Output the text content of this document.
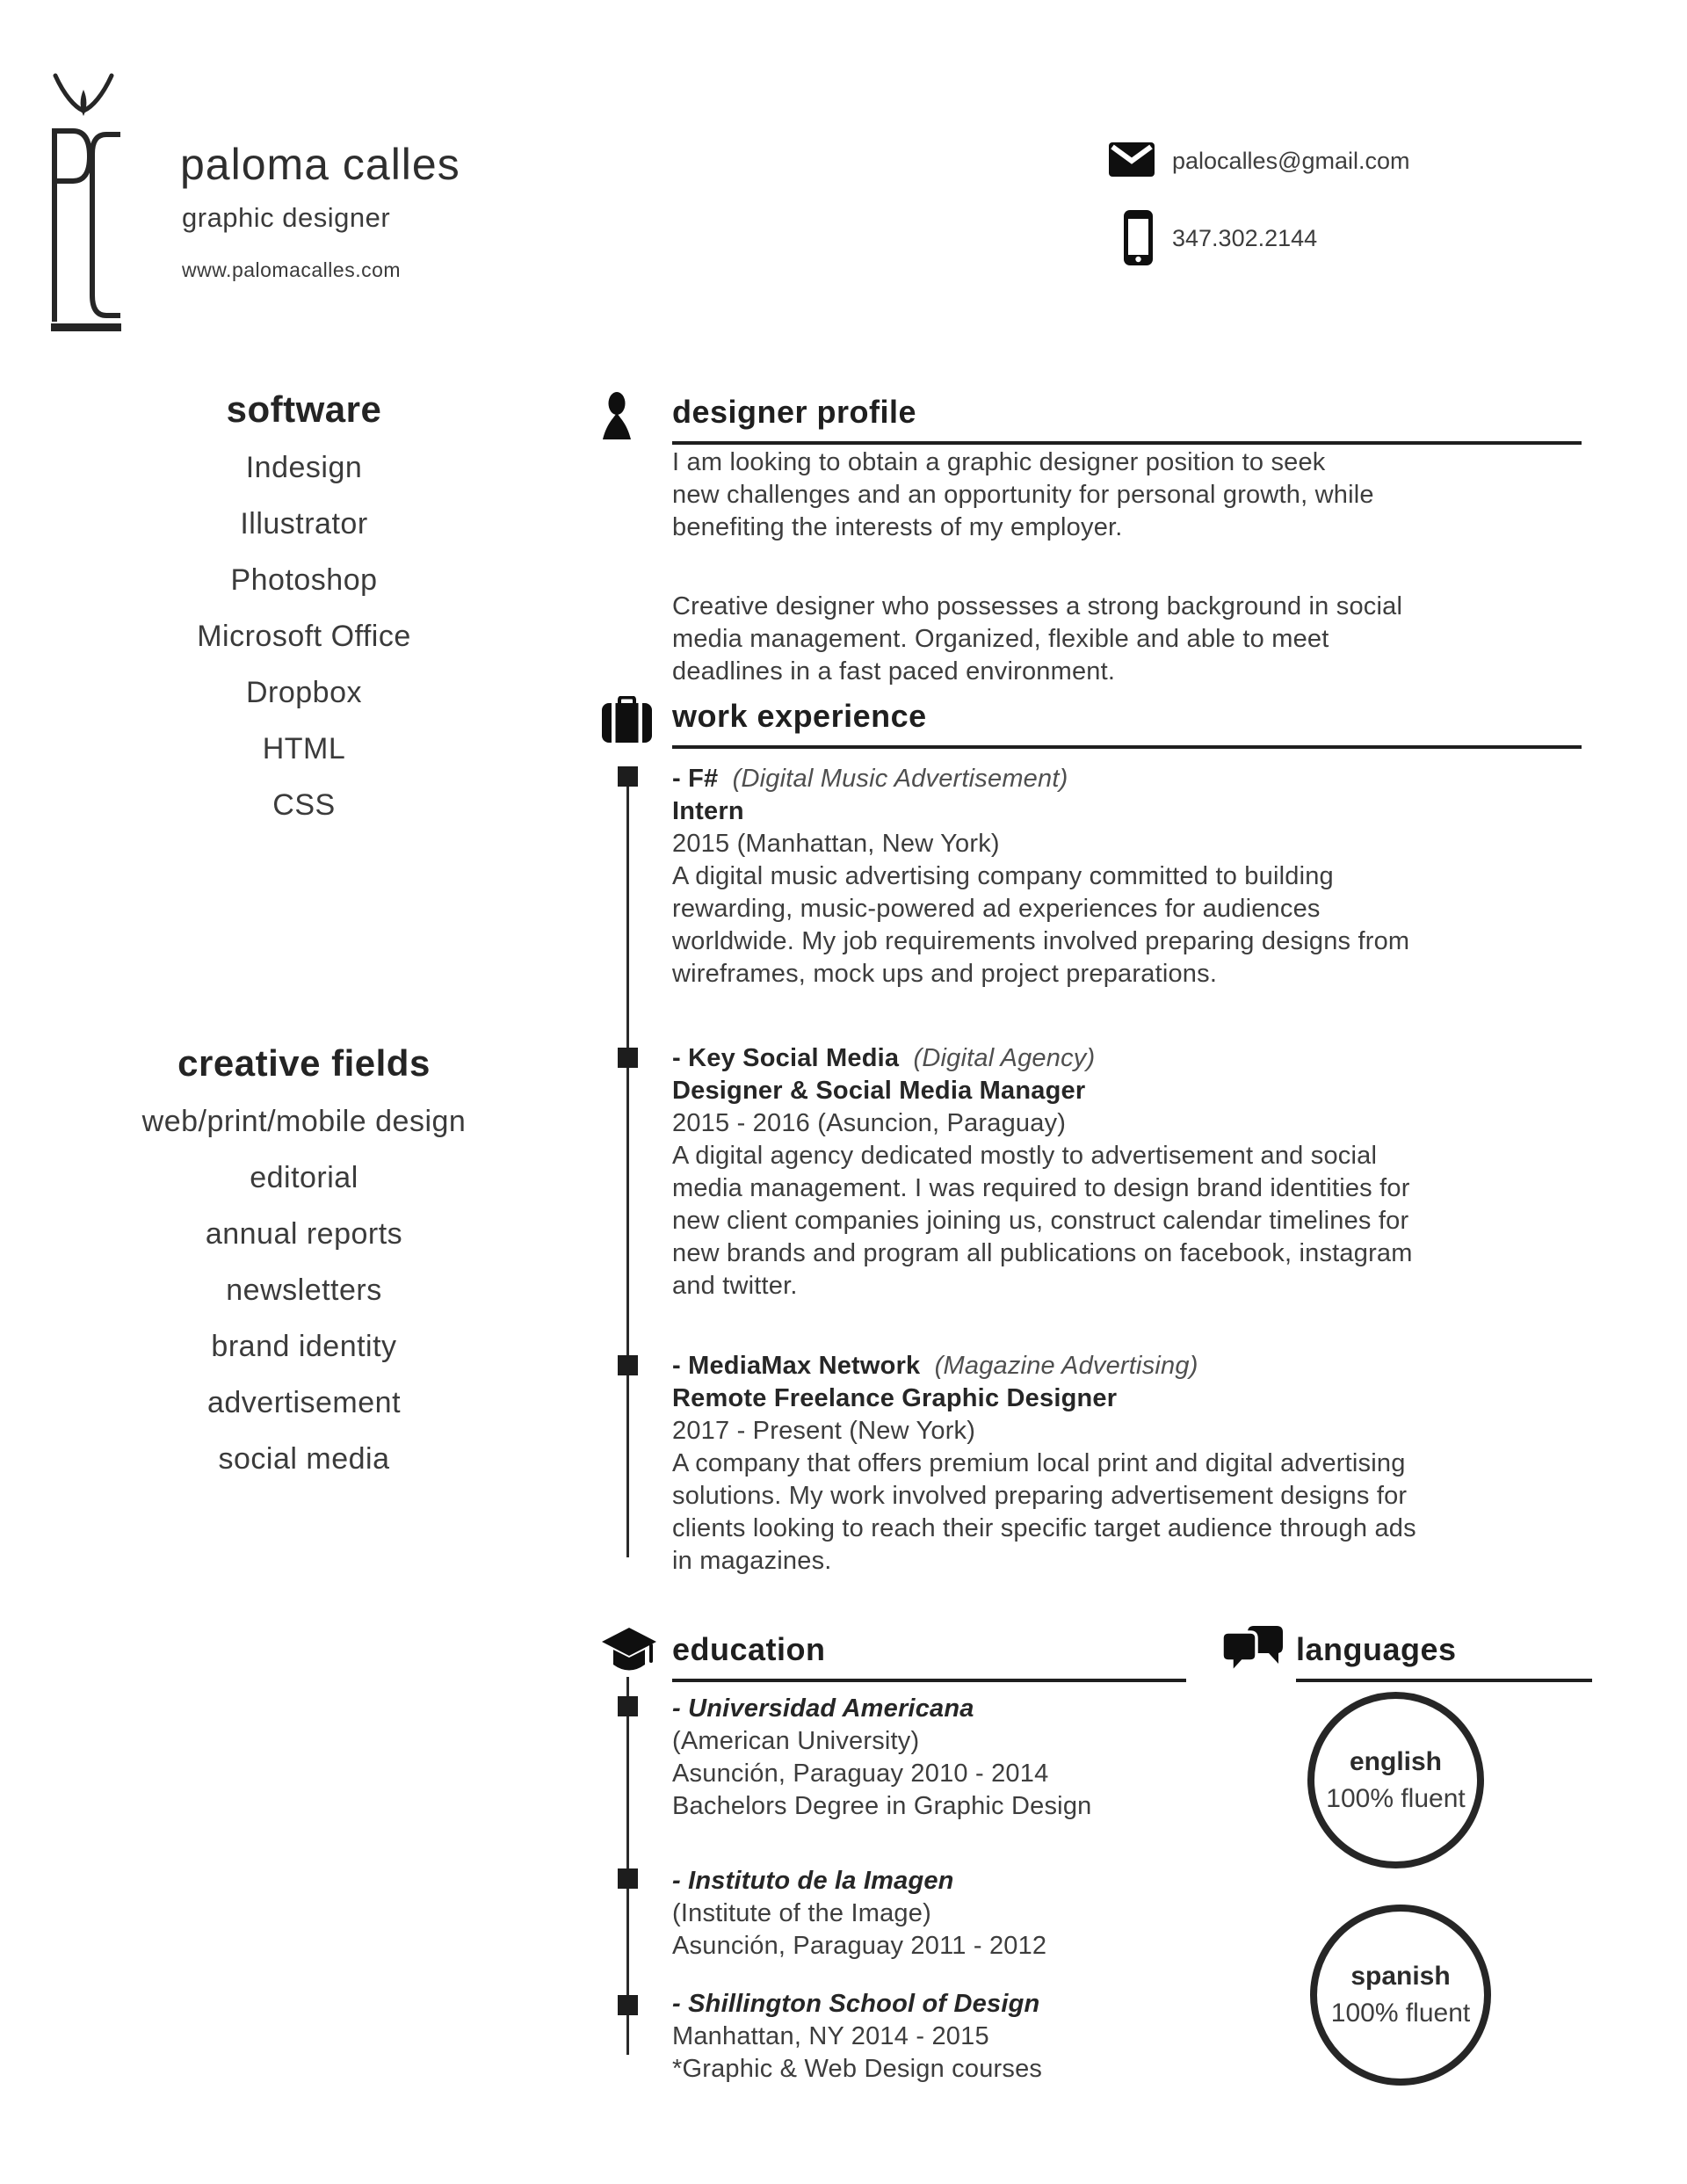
paloma calles
graphic designer
www.palomacalles.com
palocalles@gmail.com
347.302.2144
software
Indesign
Illustrator
Photoshop
Microsoft Office
Dropbox
HTML
CSS
creative fields
web/print/mobile design
editorial
annual reports
newsletters
brand identity
advertisement
social media
designer profile
I am looking to obtain a graphic designer position to seek
new challenges and an opportunity for personal growth, while
benefiting the interests of my employer.
Creative designer who possesses a strong background in social
media management. Organized, flexible and able to meet
deadlines in a fast paced environment.
work experience
- F# (Digital Music Advertisement)
Intern
2015 (Manhattan, New York)
A digital music advertising company committed to building
rewarding, music-powered ad experiences for audiences
worldwide. My job requirements involved preparing designs from
wireframes, mock ups and project preparations.
- Key Social Media (Digital Agency)
Designer & Social Media Manager
2015 - 2016 (Asuncion, Paraguay)
A digital agency dedicated mostly to advertisement and social
media management. I was required to design brand identities for
new client companies joining us, construct calendar timelines for
new brands and program all publications on facebook, instagram
and twitter.
- MediaMax Network (Magazine Advertising)
Remote Freelance Graphic Designer
2017 - Present (New York)
A company that offers premium local print and digital advertising
solutions. My work involved preparing advertisement designs for
clients looking to reach their specific target audience through ads
in magazines.
education
- Universidad Americana
(American University)
Asunción, Paraguay 2010 - 2014
Bachelors Degree in Graphic Design
- Instituto de la Imagen
(Institute of the Image)
Asunción, Paraguay 2011 - 2012
- Shillington School of Design
Manhattan, NY 2014 - 2015
*Graphic & Web Design courses
languages
english
100% fluent
spanish
100% fluent
